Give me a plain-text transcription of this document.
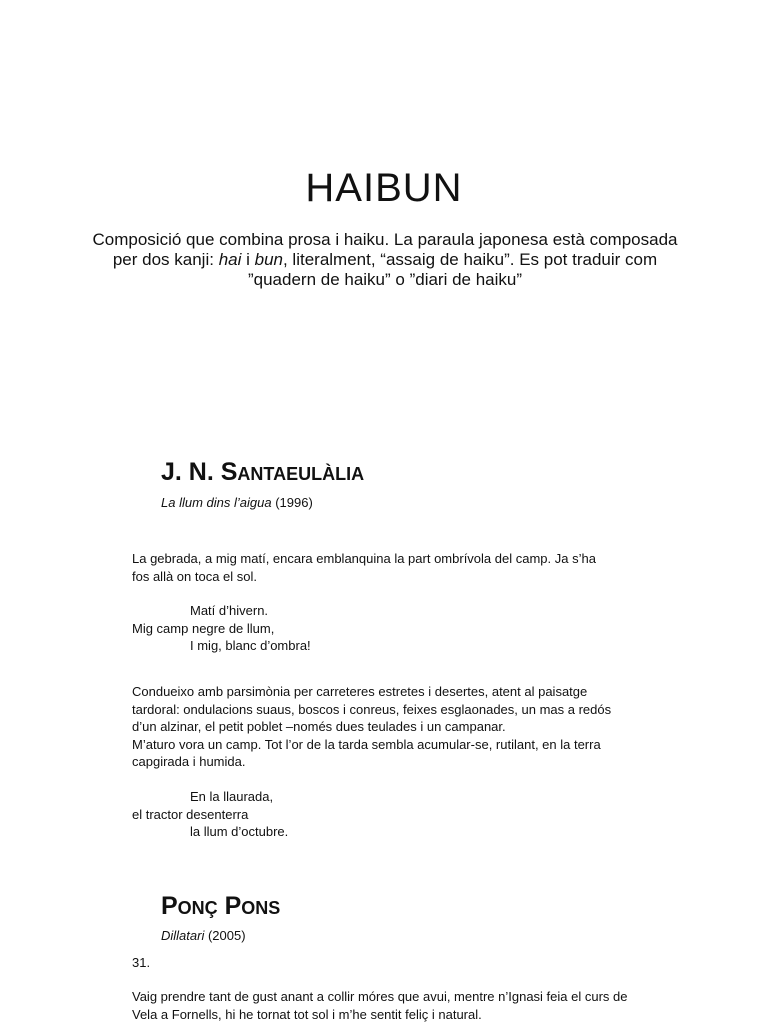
HAIBUN
Composició que combina prosa i haiku. La paraula japonesa està composada per dos kanji: hai i bun, literalment, “assaig de haiku”. Es pot traduir com ”quadern de haiku” o ”diari de haiku”
J. N. Santaeulàlia
La llum dins l’aigua (1996)
La gebrada, a mig matí, encara emblanquina la part ombrívola del camp. Ja s’ha
fos allà on toca el sol.
Matí d’hivern.
Mig camp negre de llum,
I mig, blanc d’ombra!
Condueixo amb parsimònia per carreteres estretes i desertes, atent al paisatge
tardoral: ondulacions suaus, boscos i conreus, feixes esglaonades, un mas a redós
d’un alzinar, el petit poblet –només dues teulades i un campanar.
M’aturo vora un camp. Tot l’or de la tarda sembla acumular-se, rutilant, en la terra
capgirada i humida.
En la llaurada,
el tractor desenterra
la llum d’octubre.
Ponç Pons
Dillatari (2005)
31.
Vaig prendre tant de gust anant a collir móres que avui, mentre n’Ignasi feia el curs de
Vela a Fornells, hi he tornat tot sol i m’he sentit feliç i natural.
